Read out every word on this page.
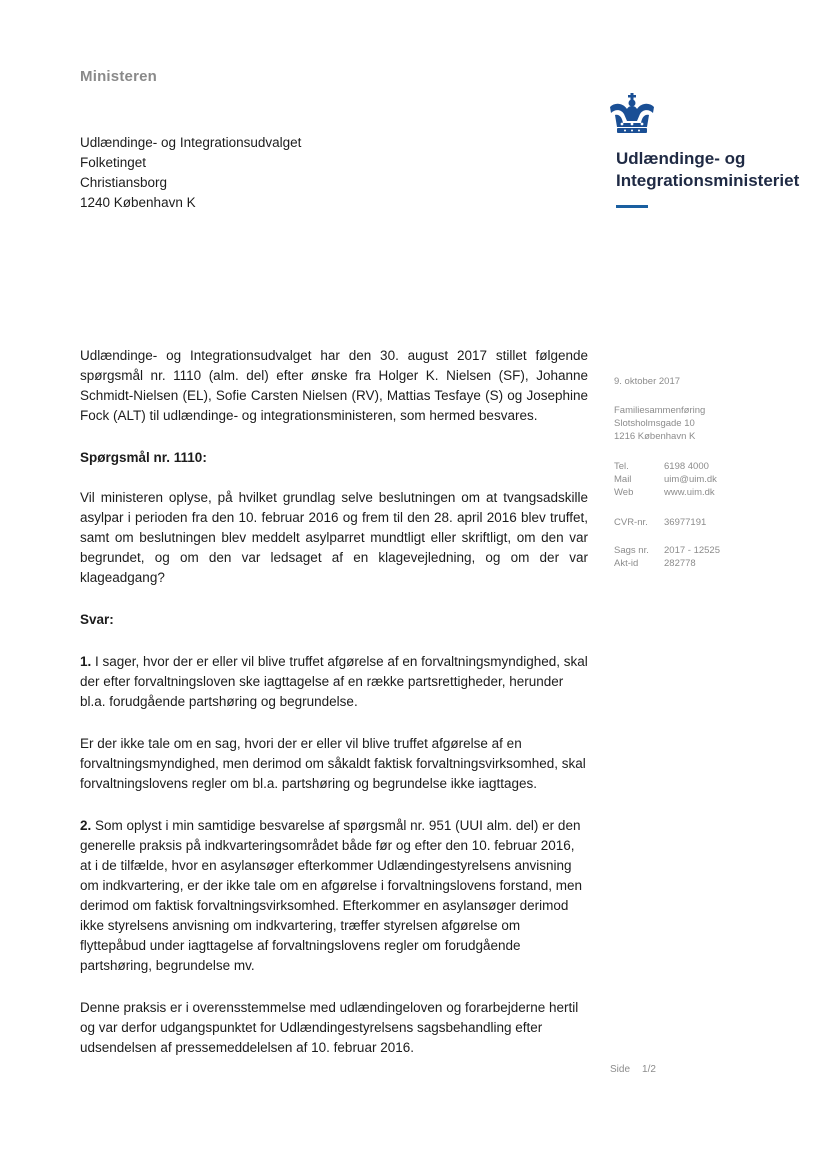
Ministeren
Udlændinge- og Integrationsudvalget
Folketinget
Christiansborg
1240 København K
Udlændinge- og
Integrationsministeriet

Udlændinge- og Integrationsudvalget har den 30. august 2017 stillet følgende spørgsmål nr. 1110 (alm. del) efter ønske fra Holger K. Nielsen (SF), Johanne Schmidt-Nielsen (EL), Sofie Carsten Nielsen (RV), Mattias Tesfaye (S) og Josephine Fock (ALT) til udlændinge- og integrationsministeren, som hermed besvares.

Spørgsmål nr. 1110:

Vil ministeren oplyse, på hvilket grundlag selve beslutningen om at tvangsadskille asylpar i perioden fra den 10. februar 2016 og frem til den 28. april 2016 blev truffet, samt om beslutningen blev meddelt asylparret mundtligt eller skriftligt, om den var begrundet, og om den var ledsaget af en klagevejledning, og om der var klageadgang?

Svar:

1. I sager, hvor der er eller vil blive truffet afgørelse af en forvaltningsmyndighed, skal der efter forvaltningsloven ske iagttagelse af en række partsrettigheder, herunder bl.a. forudgående partshøring og begrundelse.

Er der ikke tale om en sag, hvori der er eller vil blive truffet afgørelse af en forvaltningsmyndighed, men derimod om såkaldt faktisk forvaltningsvirksomhed, skal forvaltningslovens regler om bl.a. partshøring og begrundelse ikke iagttages.

2. Som oplyst i min samtidige besvarelse af spørgsmål nr. 951 (UUI alm. del) er den generelle praksis på indkvarteringsområdet både før og efter den 10. februar 2016, at i de tilfælde, hvor en asylansøger efterkommer Udlændingestyrelsens anvisning om indkvartering, er der ikke tale om en afgørelse i forvaltningslovens forstand, men derimod om faktisk forvaltningsvirksomhed. Efterkommer en asylansøger derimod ikke styrelsens anvisning om indkvartering, træffer styrelsen afgørelse om flyttepåbud under iagttagelse af forvaltningslovens regler om forudgående partshøring, begrundelse mv.

Denne praksis er i overensstemmelse med udlændingeloven og forarbejderne hertil og var derfor udgangspunktet for Udlændingestyrelsens sagsbehandling efter udsendelsen af pressemeddelelsen af 10. februar 2016.

9. oktober 2017
Familiesammenføring
Slotsholmsgade 10
1216 København K
Tel.	6198 4000
Mail	uim@uim.dk
Web	www.uim.dk
CVR-nr.	36977191
Sags nr.	2017 - 12525
Akt-id	282778
Side 1/2
